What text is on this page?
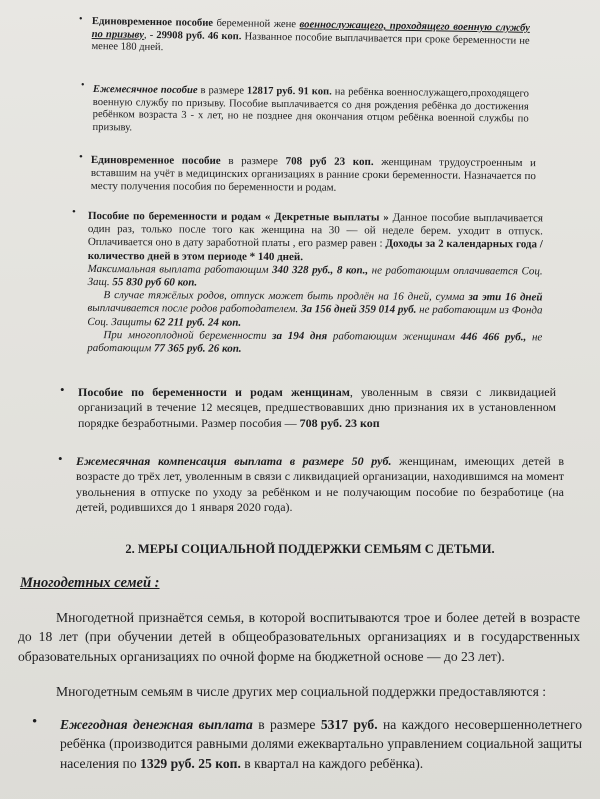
• Единовременное пособие беременной жене военнослужащего, проходящего военную службу по призыву, - 29908 руб. 46 коп. Названное пособие выплачивается при сроке беременности не менее 180 дней.
• Ежемесячное пособие в размере 12817 руб. 91 коп. на ребёнка военнослужащего,проходящего военную службу по призыву. Пособие выплачивается со дня рождения ребёнка до достижения ребёнком возраста 3 - х лет, но не позднее дня окончания отцом ребёнка военной службы по призыву.
• Единовременное пособие в размере 708 руб 23 коп. женщинам трудоустроенным и вставшим на учёт в медицинских организациях в ранние сроки беременности. Назначается по месту получения пособия по беременности и родам.
• Пособие по беременности и родам « Декретные выплаты » Данное пособие выплачивается один раз, только после того как женщина на 30 — ой неделе берем. уходит в отпуск. Оплачивается оно в дату заработной платы , его размер равен : Доходы за 2 календарных года / количество дней в этом периоде * 140 дней.

Максимальная выплата работающим 340 328 руб., 8 коп., не работающим оплачивается Соц. Защ. 55 830 руб 60 коп.

В случае тяжёлых родов, отпуск может быть продлён на 16 дней, сумма за эти 16 дней выплачивается после родов работодателем. За 156 дней 359 014 руб. не работающим из Фонда Соц. Защиты 62 211 руб. 24 коп.

При многоплодной беременности за 194 дня работающим женщинам 446 466 руб., не работающим 77 365 руб. 26 коп.

• Пособие по беременности и родам женщинам, уволенным в связи с ликвидацией организаций в течение 12 месяцев, предшествовавших дню признания их в установленном порядке безработными. Размер пособия — 708 руб. 23 коп
• Ежемесячная компенсация выплата в размере 50 руб. женщинам, имеющих детей в возрасте до трёх лет, уволенным в связи с ликвидацией организации, находившимся на момент увольнения в отпуске по уходу за ребёнком и не получающим пособие по безработице (на детей, родившихся до 1 января 2020 года).
2. МЕРЫ СОЦИАЛЬНОЙ ПОДДЕРЖКИ СЕМЬЯМ С ДЕТЬМИ.
Многодетных семей :
Многодетной признаётся семья, в которой воспитываются трое и более детей в возрасте до 18 лет (при обучении детей в общеобразовательных организациях и в государственных образовательных организациях по очной форме на бюджетной основе — до 23 лет).
Многодетным семьям в числе других мер социальной поддержки предоставляются :
• Ежегодная денежная выплата в размере 5317 руб. на каждого несовершеннолетнего ребёнка (производится равными долями ежеквартально управлением социальной защиты населения по 1329 руб. 25 коп. в квартал на каждого ребёнка).
